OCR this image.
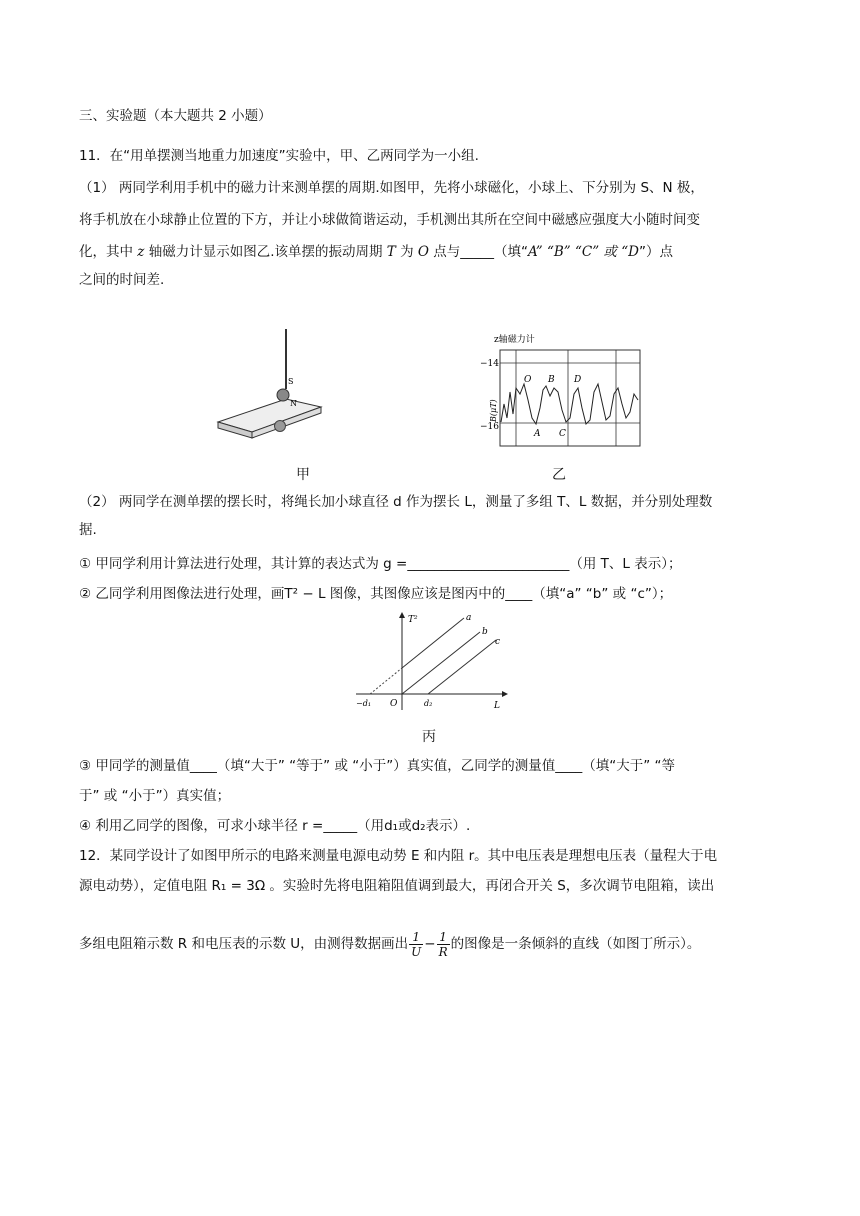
三、实验题（本大题共 2 小题）
11．在“用单摆测当地重力加速度”实验中，甲、乙两同学为一小组.
（1） 两同学利用手机中的磁力计来测单摆的周期.如图甲，先将小球磁化，小球上、下分别为 S、N 极，
将手机放在小球静止位置的下方，并让小球做简谐运动，手机测出其所在空间中磁感应强度大小随时间变
化，其中 z 轴磁力计显示如图乙.该单摆的振动周期 T 为 O 点与_____（填“A” “B” “C” 或 “D”）点
之间的时间差.
S
N
甲
z轴磁力计
−14
−16
B(μT)
O B D
A C
乙
（2） 两同学在测单摆的摆长时，将绳长加小球直径 d 作为摆长 L，测量了多组 T、L 数据，并分别处理数
据.
① 甲同学利用计算法进行处理，其计算的表达式为 g =________________________（用 T、L 表示）；
② 乙同学利用图像法进行处理，画T² − L 图像，其图像应该是图丙中的____（填“a” “b” 或 “c”）；
T²
L
O
−d₁	d₂
a
b
c
丙
③ 甲同学的测量值____（填“大于” “等于” 或 “小于”）真实值，乙同学的测量值____（填“大于” “等
于” 或 “小于”）真实值；
④ 利用乙同学的图像，可求小球半径 r =_____（用d₁或d₂表示）.
12．某同学设计了如图甲所示的电路来测量电源电动势 E 和内阻 r。其中电压表是理想电压表（量程大于电
源电动势），定值电阻 R₁ = 3Ω 。实验时先将电阻箱阻值调到最大，再闭合开关 S，多次调节电阻箱，读出
多组电阻箱示数 R 和电压表的示数 U，由测得数据画出 $\frac{1}{U} - \frac{1}{R}$ 的图像是一条倾斜的直线（如图丁所示）。
